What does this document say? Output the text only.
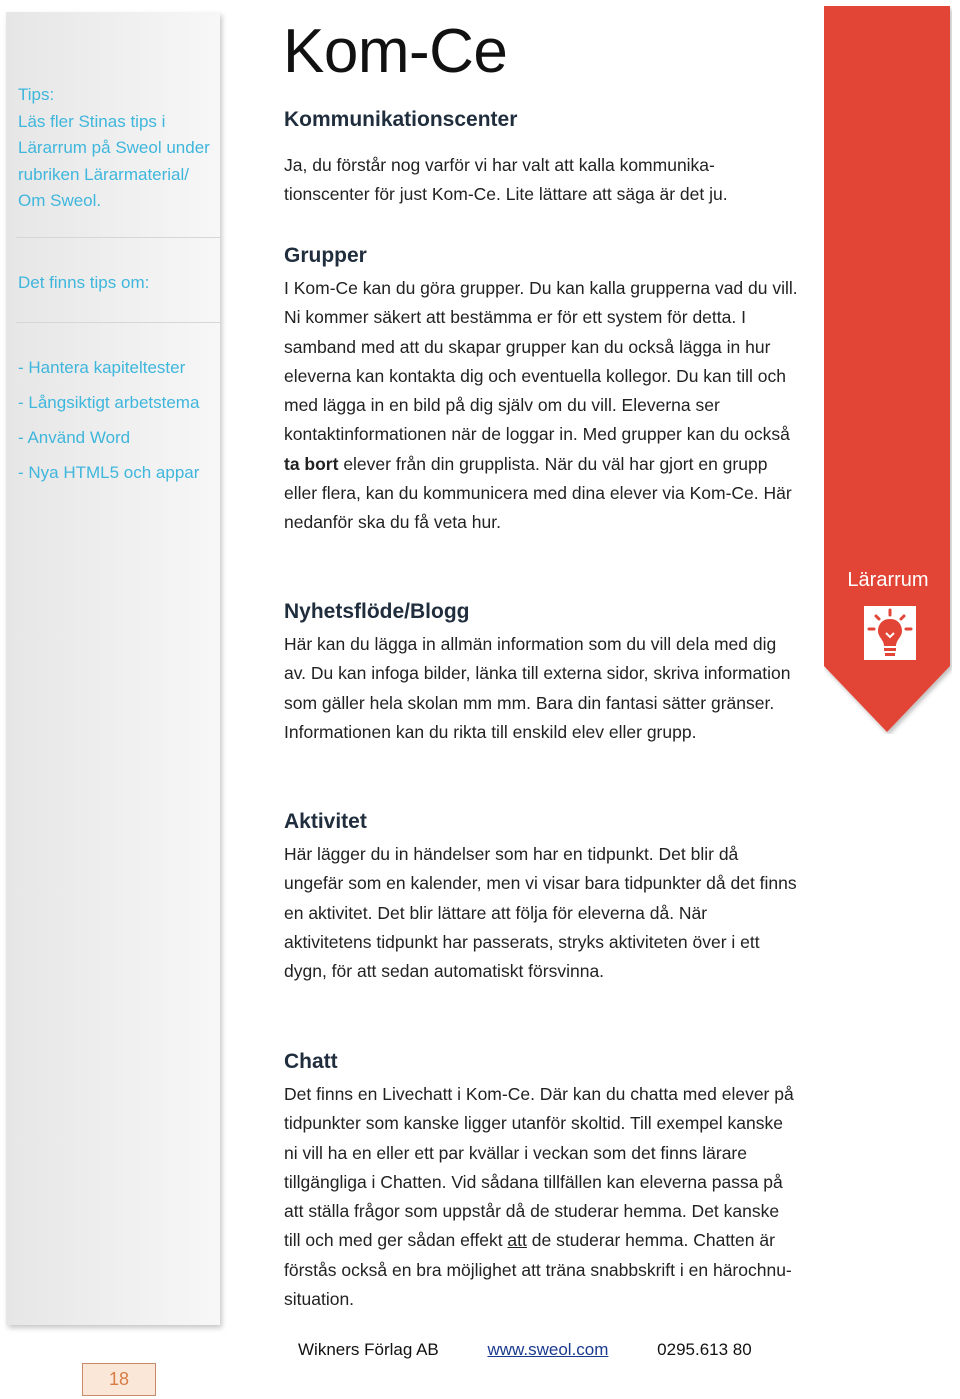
Tips:
Läs fler Stinas tips i
Lärarrum på Sweol under
rubriken Lärarmaterial/
Om Sweol.
Det finns tips om:
- Hantera kapiteltester
- Långsiktigt arbetstema
- Använd Word
- Nya HTML5 och appar
Kom-Ce
Kommunikationscenter
Ja, du förstår nog varför vi har valt att kalla kommunika-
tionscenter för just Kom-Ce. Lite lättare att säga är det ju.
Grupper
I Kom-Ce kan du göra grupper. Du kan kalla grupperna vad du vill. Ni kommer säkert att bestämma er för ett system för detta. I samband med att du skapar grupper kan du också lägga in hur eleverna kan kontakta dig och eventuella kollegor. Du kan till och med lägga in en bild på dig själv om du vill. Eleverna ser kontaktinformationen när de loggar in. Med grupper kan du också ta bort elever från din grupplista. När du väl har gjort en grupp eller flera, kan du kommunicera med dina elever via Kom-Ce. Här nedanför ska du få veta hur.
Nyhetsflöde/Blogg

Här kan du lägga in allmän information som du vill dela med dig av. Du kan infoga bilder, länka till externa sidor, skriva information som gäller hela skolan mm mm. Bara din fantasi sätter gränser.

Informationen kan du rikta till enskild elev eller grupp.

Aktivitet

Här lägger du in händelser som har en tidpunkt. Det blir då ungefär som en kalender, men vi visar bara tidpunkter då det finns en aktivitet. Det blir lättare att följa för eleverna då. När aktivitetens tidpunkt har passerats, stryks aktiviteten över i ett dygn, för att sedan automatiskt försvinna.

Chatt
Det finns en Livechatt i Kom-Ce. Där kan du chatta med elever på tidpunkter som kanske ligger utanför skoltid. Till exempel kanske ni vill ha en eller ett par kvällar i veckan som det finns lärare tillgängliga i Chatten. Vid sådana tillfällen kan eleverna passa på att ställa frågor som uppstår då de studerar hemma. Det kanske till och med ger sådan effekt att de studerar hemma. Chatten är förstås också en bra möjlighet att träna snabbskrift i en härochnu-situation.
Lärarrum
Wikners Förlag AB	www.sweol.com	0295.613 80
18
